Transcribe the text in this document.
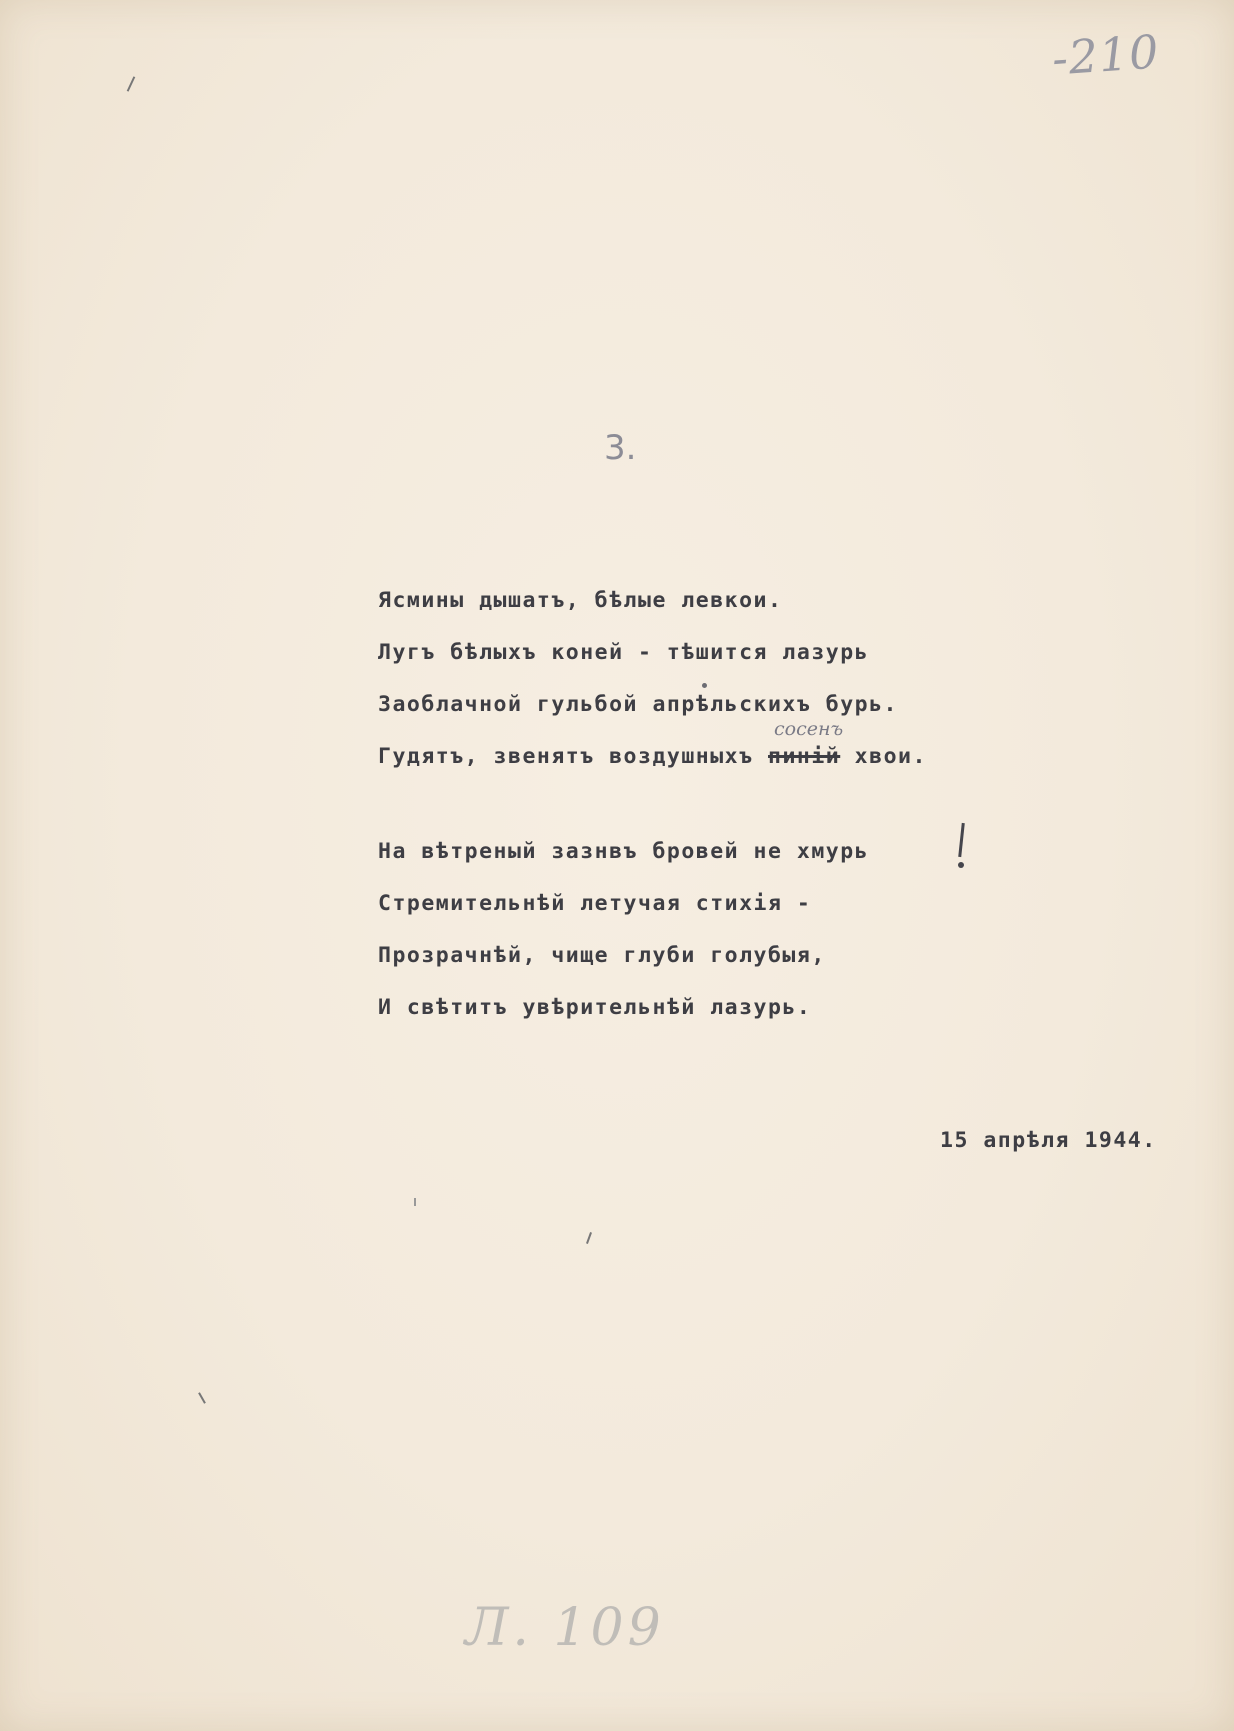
-210
3.
Ясмины дышатъ, бѣлые левкои.
Лугъ бѣлыхъ коней - тѣшится лазурь
Заоблачной гульбой апрѣльскихъ бурь.
Гудятъ, звенятъ воздушныхъ пиній
сосенъ
хвои.
На вѣтреный зазнвъ бровей не хмурь
Стремительнѣй летучая стихія -
Прозрачнѣй, чище глуби голубыя,
И свѣтитъ увѣрительнѣй лазурь.
15 апрѣля 1944.
Л. 109
